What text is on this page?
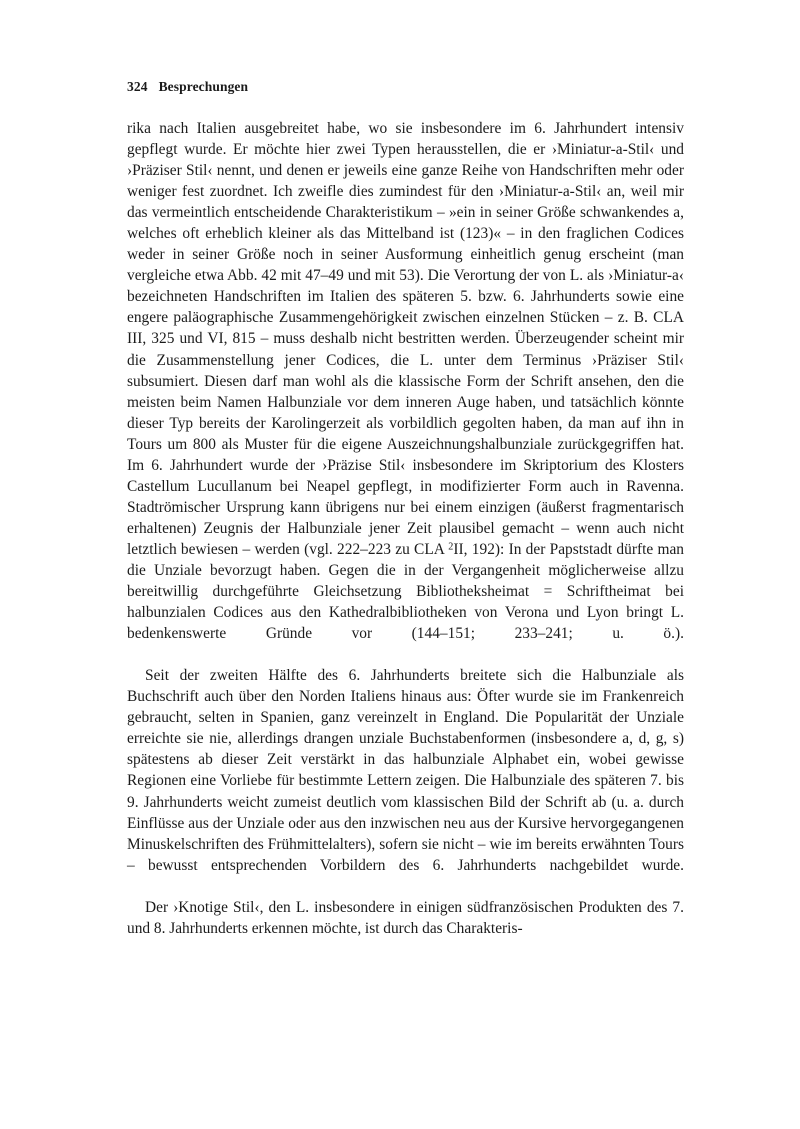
324 Besprechungen

rika nach Italien ausgebreitet habe, wo sie insbesondere im 6. Jahrhundert intensiv gepflegt wurde. Er möchte hier zwei Typen herausstellen, die er ›Miniatur-a-Stil‹ und ›Präziser Stil‹ nennt, und denen er jeweils eine ganze Reihe von Handschriften mehr oder weniger fest zuordnet. Ich zweifle dies zumindest für den ›Miniatur-a-Stil‹ an, weil mir das vermeintlich entscheidende Charakteristikum – »ein in seiner Größe schwankendes a, welches oft erheblich kleiner als das Mittelband ist (123)« – in den fraglichen Codices weder in seiner Größe noch in seiner Ausformung einheitlich genug erscheint (man vergleiche etwa Abb. 42 mit 47–49 und mit 53). Die Verortung der von L. als ›Miniatur-a‹ bezeichneten Handschriften im Italien des späteren 5. bzw. 6. Jahrhunderts sowie eine engere paläographische Zusammengehörigkeit zwischen einzelnen Stücken – z. B. CLA III, 325 und VI, 815 – muss deshalb nicht bestritten werden. Überzeugender scheint mir die Zusammenstellung jener Codices, die L. unter dem Terminus ›Präziser Stil‹ subsumiert. Diesen darf man wohl als die klassische Form der Schrift ansehen, den die meisten beim Namen Halbunziale vor dem inneren Auge haben, und tatsächlich könnte dieser Typ bereits der Karolingerzeit als vorbildlich gegolten haben, da man auf ihn in Tours um 800 als Muster für die eigene Auszeichnungshalbunziale zurückgegriffen hat. Im 6. Jahrhundert wurde der ›Präzise Stil‹ insbesondere im Skriptorium des Klosters Castellum Lucullanum bei Neapel gepflegt, in modifizierter Form auch in Ravenna. Stadtrömischer Ursprung kann übrigens nur bei einem einzigen (äußerst fragmentarisch erhaltenen) Zeugnis der Halbunziale jener Zeit plausibel gemacht – wenn auch nicht letztlich bewiesen – werden (vgl. 222–223 zu CLA $^2$II, 192): In der Papststadt dürfte man die Unziale bevorzugt haben. Gegen die in der Vergangenheit möglicherweise allzu bereitwillig durchgeführte Gleichsetzung Bibliotheksheimat = Schriftheimat bei halbunzialen Codices aus den Kathedralbibliotheken von Verona und Lyon bringt L. bedenkenswerte Gründe vor (144–151; 233–241; u. ö.).

Seit der zweiten Hälfte des 6. Jahrhunderts breitete sich die Halbunziale als Buchschrift auch über den Norden Italiens hinaus aus: Öfter wurde sie im Frankenreich gebraucht, selten in Spanien, ganz vereinzelt in England. Die Popularität der Unziale erreichte sie nie, allerdings drangen unziale Buchstabenformen (insbesondere a, d, g, s) spätestens ab dieser Zeit verstärkt in das halbunziale Alphabet ein, wobei gewisse Regionen eine Vorliebe für bestimmte Lettern zeigen. Die Halbunziale des späteren 7. bis 9. Jahrhunderts weicht zumeist deutlich vom klassischen Bild der Schrift ab (u. a. durch Einflüsse aus der Unziale oder aus den inzwischen neu aus der Kursive hervorgegangenen Minuskelschriften des Frühmittelalters), sofern sie nicht – wie im bereits erwähnten Tours – bewusst entsprechenden Vorbildern des 6. Jahrhunderts nachgebildet wurde.

Der ›Knotige Stil‹, den L. insbesondere in einigen südfranzösischen Produkten des 7. und 8. Jahrhunderts erkennen möchte, ist durch das Charakteris-
